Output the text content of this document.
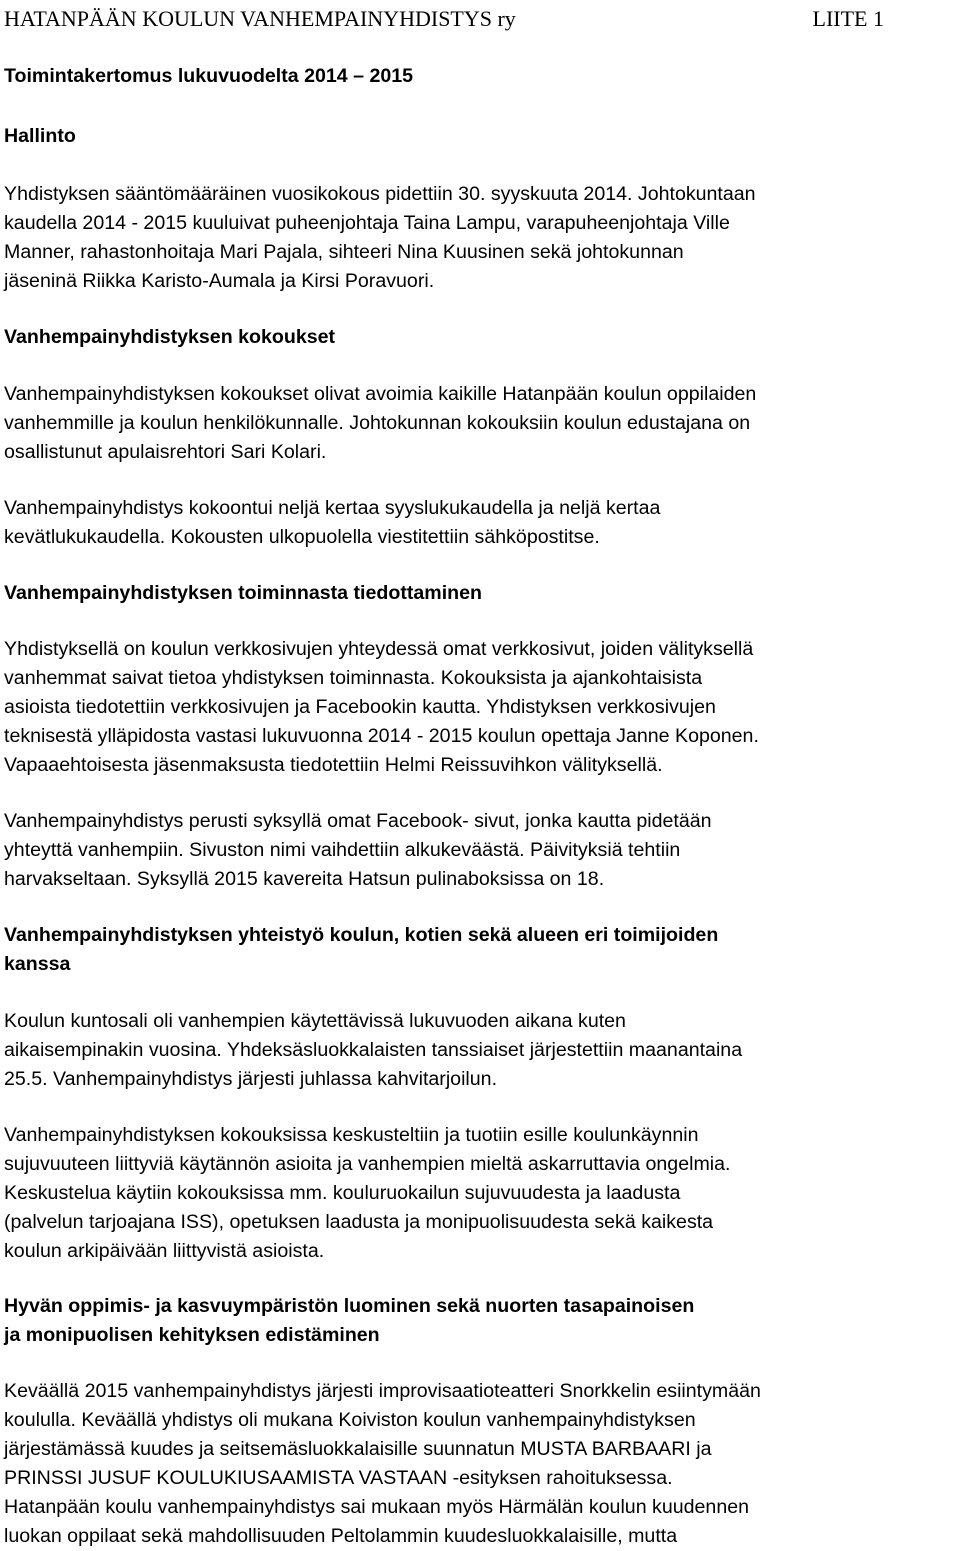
HATANPÄÄN KOULUN VANHEMPAINYHDISTYS ry	LIITE 1
Toimintakertomus lukuvuodelta 2014 – 2015
Hallinto
Yhdistyksen sääntömääräinen vuosikokous pidettiin 30. syyskuuta 2014. Johtokuntaan
kaudella 2014 - 2015 kuuluivat puheenjohtaja Taina Lampu, varapuheenjohtaja Ville
Manner, rahastonhoitaja Mari Pajala, sihteeri Nina Kuusinen sekä johtokunnan
jäseninä Riikka Karisto-Aumala ja Kirsi Poravuori.
Vanhempainyhdistyksen kokoukset
Vanhempainyhdistyksen kokoukset olivat avoimia kaikille Hatanpään koulun oppilaiden
vanhemmille ja koulun henkilökunnalle. Johtokunnan kokouksiin koulun edustajana on
osallistunut apulaisrehtori Sari Kolari.
Vanhempainyhdistys kokoontui neljä kertaa syyslukukaudella ja neljä kertaa
kevätlukukaudella. Kokousten ulkopuolella viestitettiin sähköpostitse.
Vanhempainyhdistyksen toiminnasta tiedottaminen
Yhdistyksellä on koulun verkkosivujen yhteydessä omat verkkosivut, joiden välityksellä
vanhemmat saivat tietoa yhdistyksen toiminnasta. Kokouksista ja ajankohtaisista
asioista tiedotettiin verkkosivujen ja Facebookin kautta. Yhdistyksen verkkosivujen
teknisestä ylläpidosta vastasi lukuvuonna 2014 - 2015 koulun opettaja Janne Koponen.
Vapaaehtoisesta jäsenmaksusta tiedotettiin Helmi Reissuvihkon välityksellä.
Vanhempainyhdistys perusti syksyllä omat Facebook- sivut, jonka kautta pidetään
yhteyttä vanhempiin. Sivuston nimi vaihdettiin alkukeväästä. Päivityksiä tehtiin
harvakseltaan. Syksyllä 2015 kavereita Hatsun pulinaboksissa on 18.
Vanhempainyhdistyksen yhteistyö koulun, kotien sekä alueen eri toimijoiden
kanssa
Koulun kuntosali oli vanhempien käytettävissä lukuvuoden aikana kuten
aikaisempinakin vuosina. Yhdeksäsluokkalaisten tanssiaiset järjestettiin maanantaina
25.5. Vanhempainyhdistys järjesti juhlassa kahvitarjoilun.
Vanhempainyhdistyksen kokouksissa keskusteltiin ja tuotiin esille koulunkäynnin
sujuvuuteen liittyviä käytännön asioita ja vanhempien mieltä askarruttavia ongelmia.
Keskustelua käytiin kokouksissa mm. kouluruokailun sujuvuudesta ja laadusta
(palvelun tarjoajana ISS), opetuksen laadusta ja monipuolisuudesta sekä kaikesta
koulun arkipäivään liittyvistä asioista.
Hyvän oppimis- ja kasvuympäristön luominen sekä nuorten tasapainoisen
ja monipuolisen kehityksen edistäminen
Keväällä 2015 vanhempainyhdistys järjesti improvisaatioteatteri Snorkkelin esiintymään
koululla. Keväällä yhdistys oli mukana Koiviston koulun vanhempainyhdistyksen
järjestämässä kuudes ja seitsemäsluokkalaisille suunnatun MUSTA BARBAARI ja
PRINSSI JUSUF KOULUKIUSAAMISTA VASTAAN -esityksen rahoituksessa.
Hatanpään koulu vanhempainyhdistys sai mukaan myös Härmälän koulun kuudennen
luokan oppilaat sekä mahdollisuuden Peltolammin kuudesluokkalaisille, mutta
